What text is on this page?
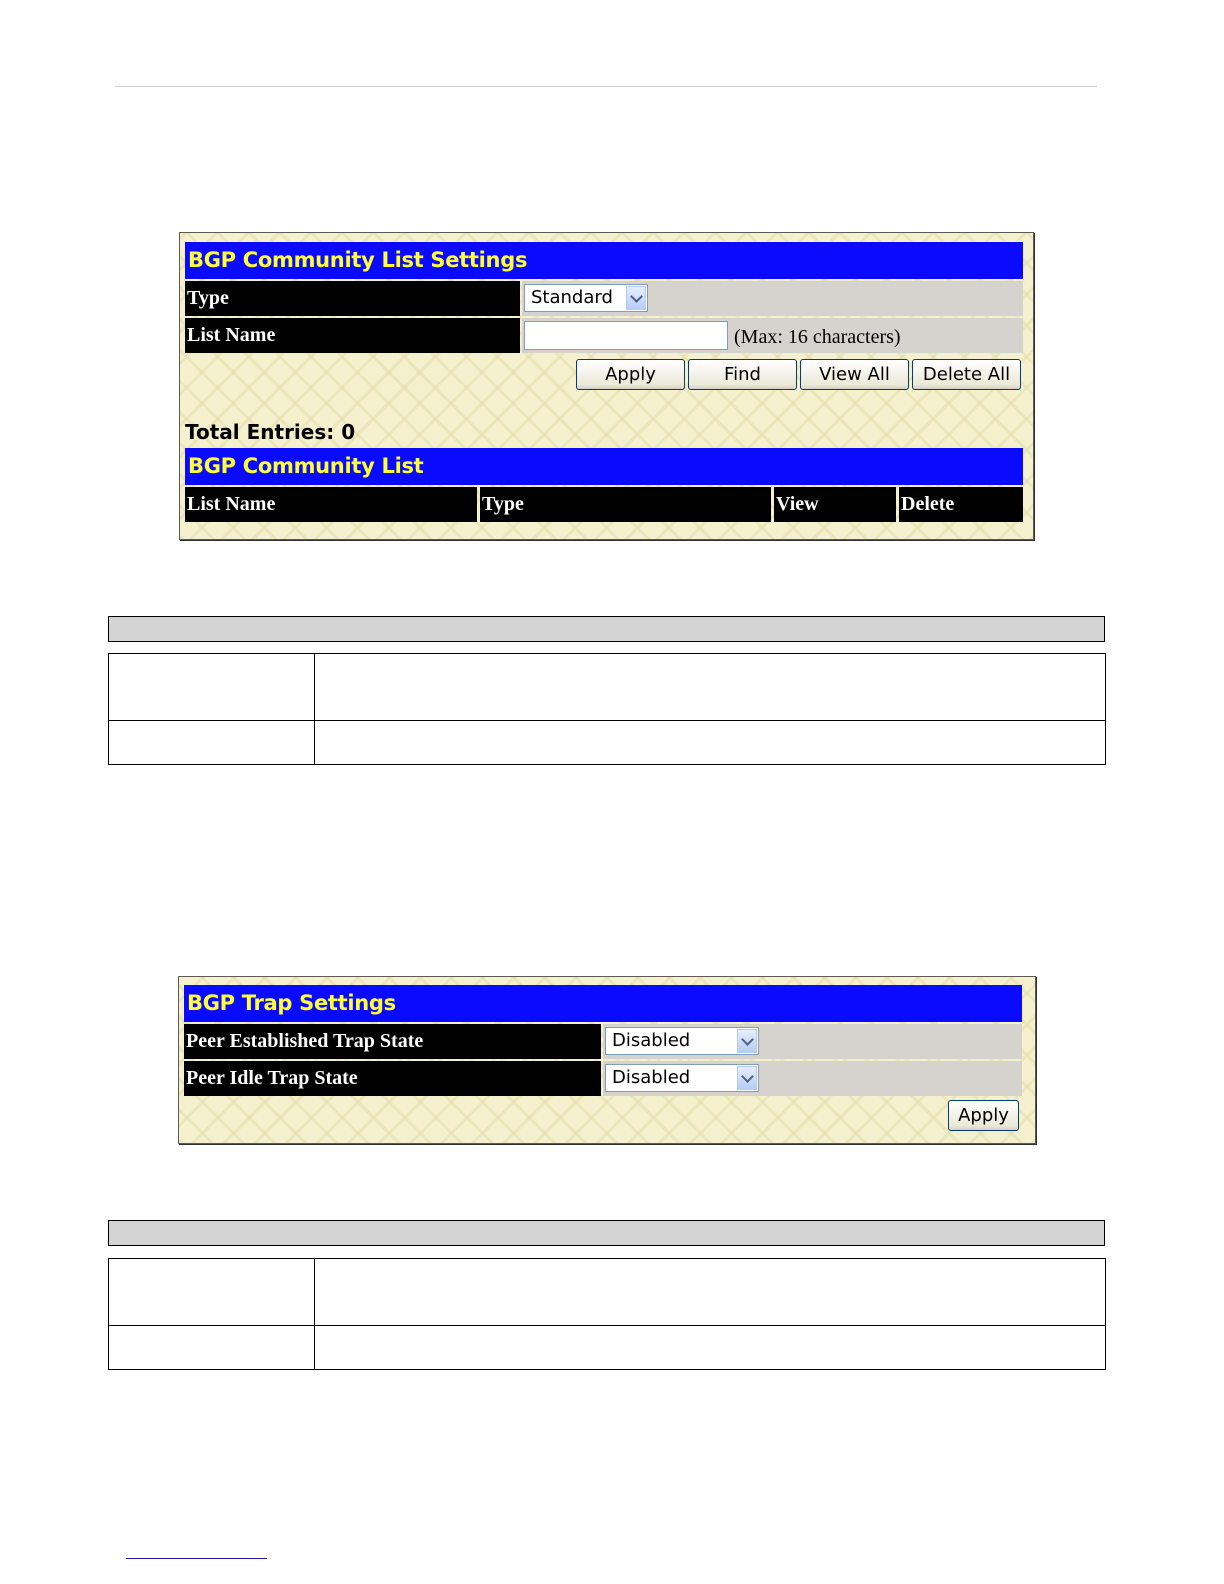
BGP Community List Settings
Type	Standard
List Name	(Max: 16 characters)
Apply	Find	View All	Delete All
Total Entries: 0
BGP Community List
List Name	Type	View	Delete
BGP Trap Settings
Peer Established Trap State	Disabled
Peer Idle Trap State	Disabled
Apply
